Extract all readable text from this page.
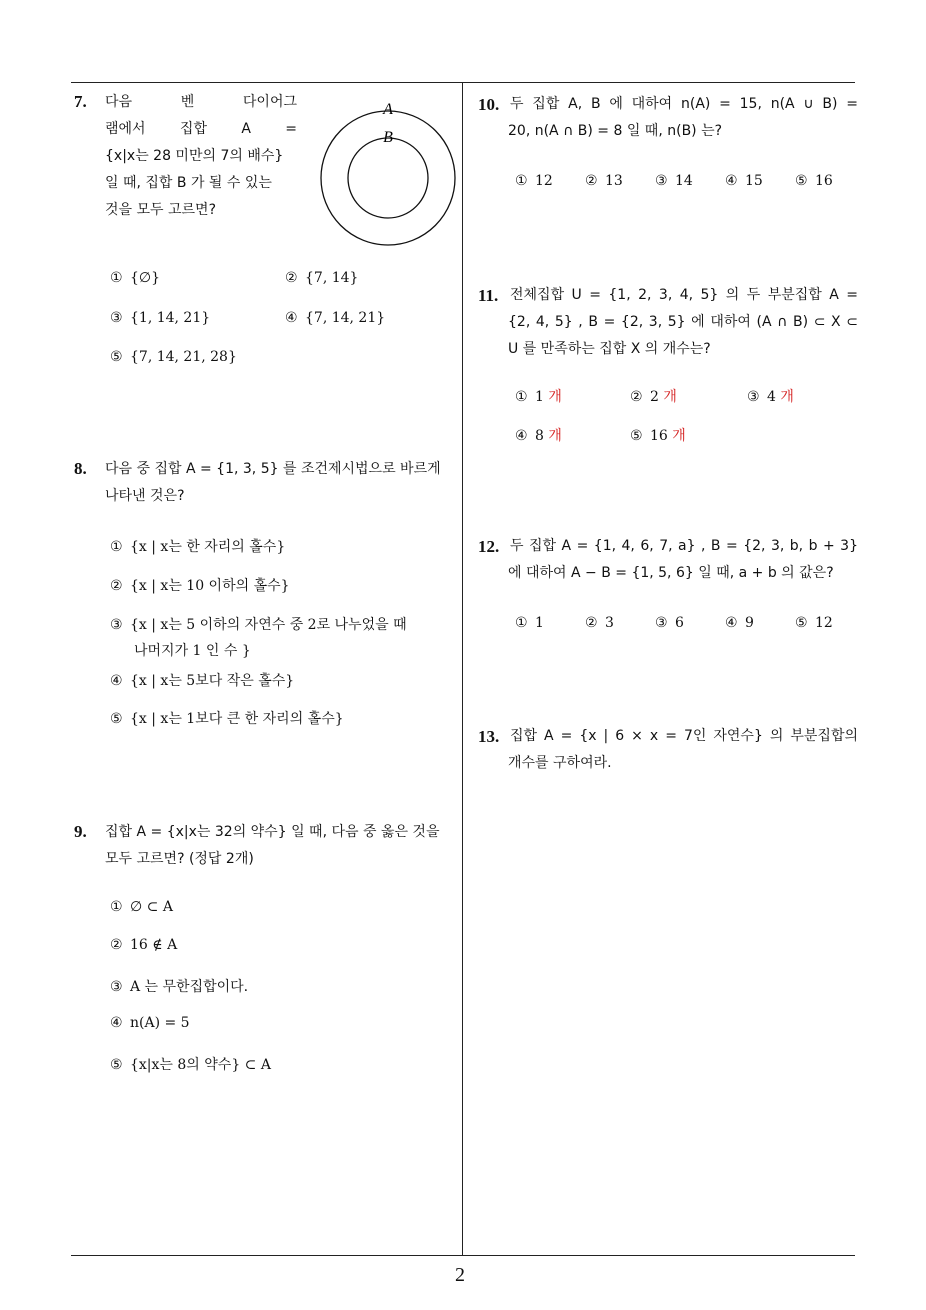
7. 다음 벤 다이어그
램에서 집합 A =
{x|x는 28 미만의 7의 배수}
일 때, 집합 B 가 될 수 있는
것을 모두 고르면?
A
B
① {∅}	② {7, 14}
③ {1, 14, 21}	④ {7, 14, 21}
⑤ {7, 14, 21, 28}
8. 다음 중 집합 A = {1, 3, 5} 를 조건제시법으로 바르게
나타낸 것은?
① {x | x는 한 자리의 홀수}
② {x | x는 10 이하의 홀수}
③ {x | x는 5 이하의 자연수 중 2로 나누었을 때
나머지가 1 인 수 }
④ {x | x는 5보다 작은 홀수}
⑤ {x | x는 1보다 큰 한 자리의 홀수}
9. 집합 A = {x|x는 32의 약수} 일 때, 다음 중 옳은 것을
모두 고르면? (정답 2개)
① ∅ ⊂ A
② 16 ∉ A
③ A 는 무한집합이다.
④ n(A) = 5
⑤ {x|x는 8의 약수} ⊂ A
10. 두 집합 A, B 에 대하여 n(A) = 15, n(A ∪ B) =
20, n(A ∩ B) = 8 일 때, n(B) 는?
① 12 ② 13 ③ 14 ④ 15 ⑤ 16
11. 전체집합 U = {1, 2, 3, 4, 5} 의 두 부분집합 A =
{2, 4, 5} , B = {2, 3, 5} 에 대하여 (A ∩ B) ⊂ X ⊂
U 를 만족하는 집합 X 의 개수는?
① 1 개	② 2 개	③ 4 개
④ 8 개	⑤ 16 개
12. 두 집합 A = {1, 4, 6, 7, a} , B = {2, 3, b, b + 3}
에 대하여 A − B = {1, 5, 6} 일 때, a + b 의 값은?
① 1	② 3	③ 6	④ 9	⑤ 12
13. 집합 A = {x | 6 × x = 7인 자연수} 의 부분집합의
개수를 구하여라.
2
